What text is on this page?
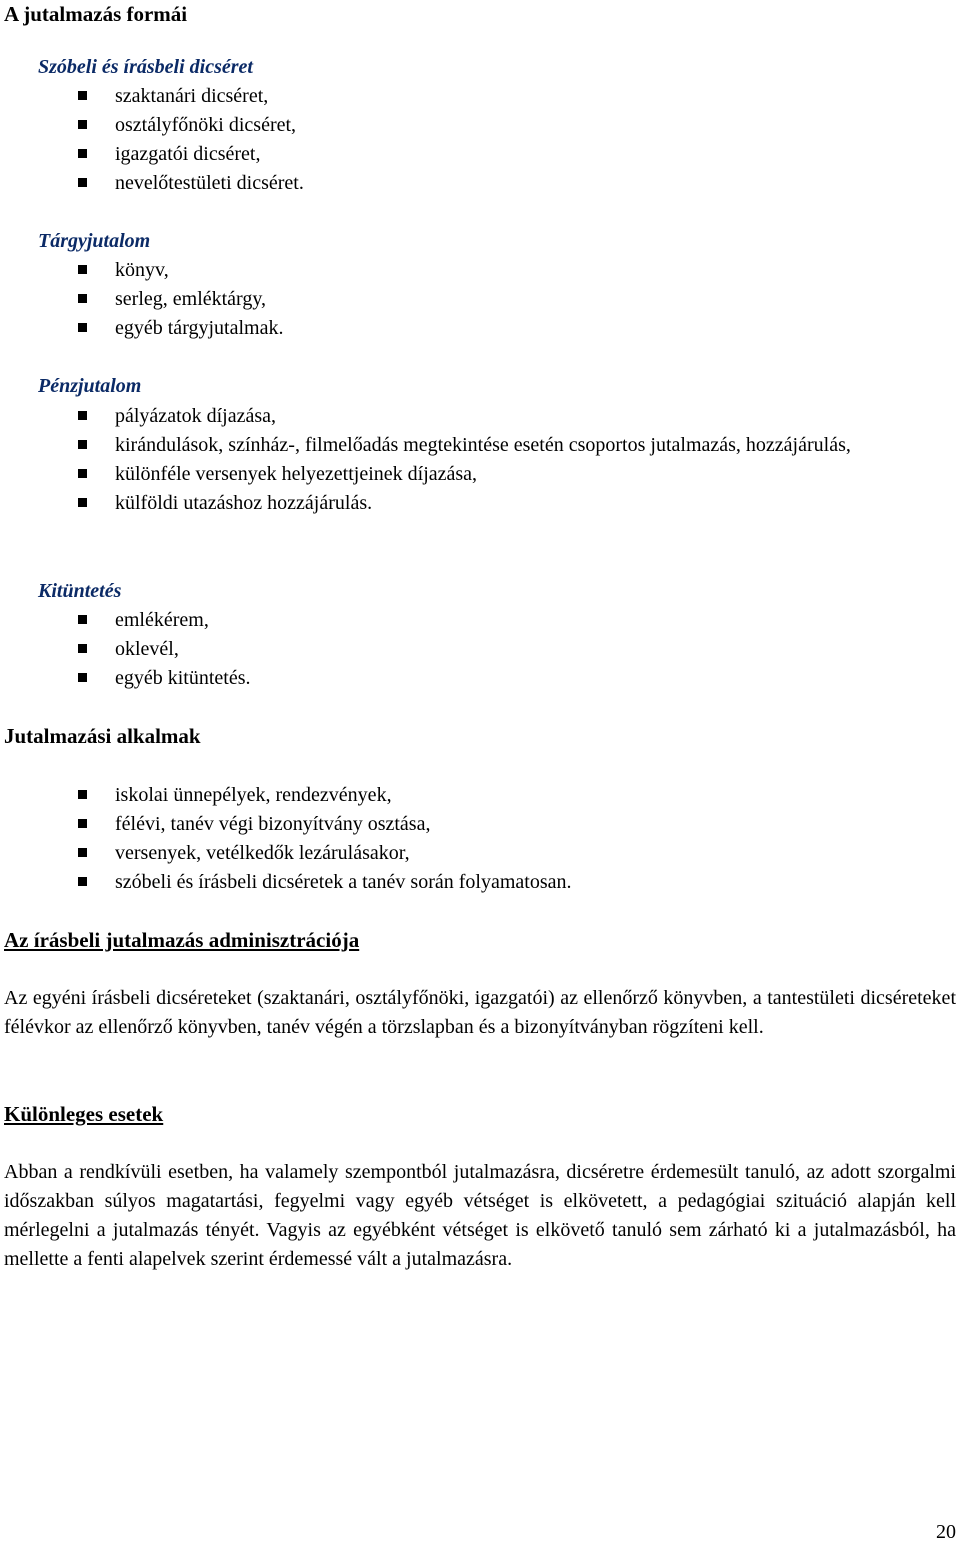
A jutalmazás formái

Szóbeli és írásbeli dicséret

szaktanári dicséret,
osztályfőnöki dicséret,
igazgatói dicséret,
nevelőtestületi dicséret.

Tárgyjutalom

könyv,
serleg, emléktárgy,
egyéb tárgyjutalmak.

Pénzjutalom

pályázatok díjazása,
kirándulások, színház-, filmelőadás megtekintése esetén csoportos jutalmazás, hozzájárulás,
különféle versenyek helyezettjeinek díjazása,
külföldi utazáshoz hozzájárulás.

Kitüntetés

emlékérem,
oklevél,
egyéb kitüntetés.
Jutalmazási alkalmak
iskolai ünnepélyek, rendezvények,
félévi, tanév végi bizonyítvány osztása,
versenyek, vetélkedők lezárulásakor,
szóbeli és írásbeli dicséretek a tanév során folyamatosan.
Az írásbeli jutalmazás adminisztrációja

Az egyéni írásbeli dicséreteket (szaktanári, osztályfőnöki, igazgatói) az ellenőrző könyvben, a tantestületi dicséreteket félévkor az ellenőrző könyvben, tanév végén a törzslapban és a bizonyítványban rögzíteni kell.

Különleges esetek

Abban a rendkívüli esetben, ha valamely szempontból jutalmazásra, dicséretre érdemesült tanuló, az adott szorgalmi időszakban súlyos magatartási, fegyelmi vagy egyéb vétséget is elkövetett, a pedagógiai szituáció alapján kell mérlegelni a jutalmazás tényét. Vagyis az egyébként vétséget is elkövető tanuló sem zárható ki a jutalmazásból, ha mellette a fenti alapelvek szerint érdemessé vált a jutalmazásra.

20
